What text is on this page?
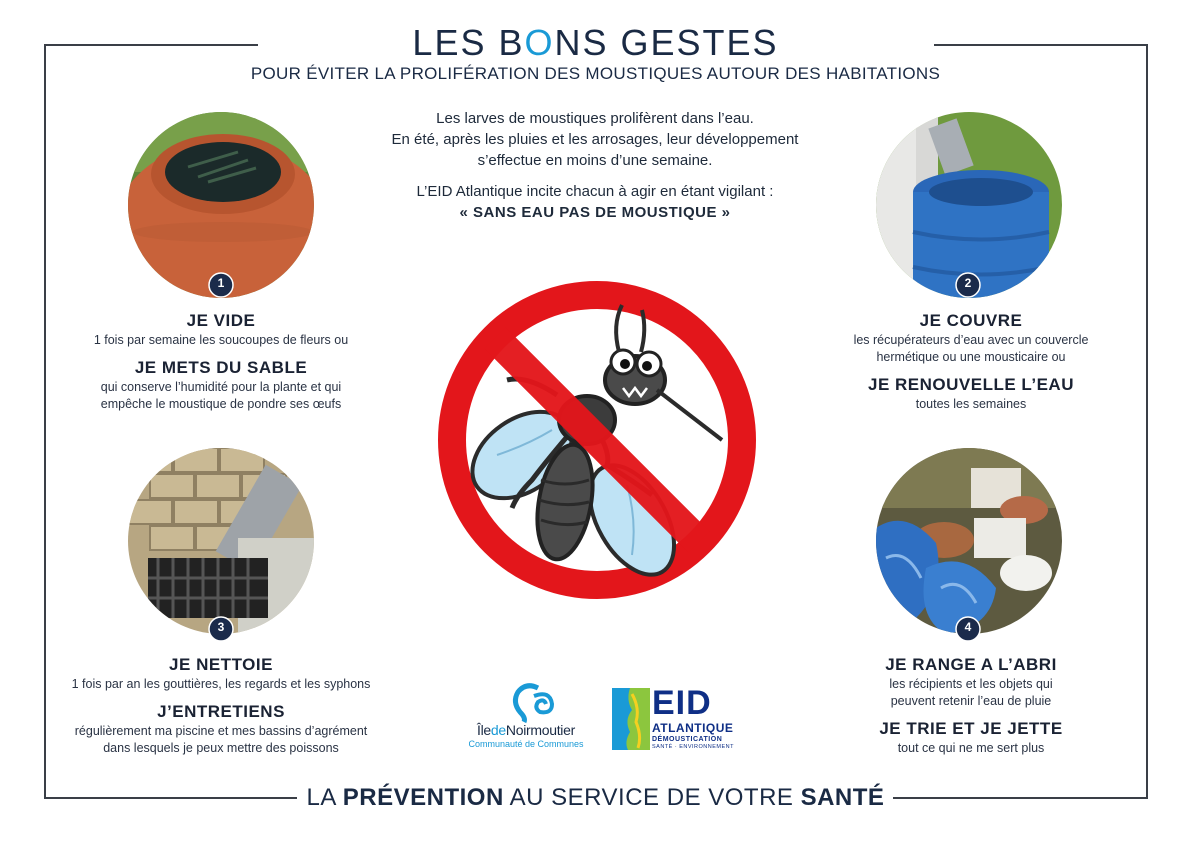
LES BONS GESTES
POUR ÉVITER LA PROLIFÉRATION DES MOUSTIQUES AUTOUR DES HABITATIONS

Les larves de moustiques prolifèrent dans l’eau.
En été, après les pluies et les arrosages, leur développement
s’effectue en moins d’une semaine.

L’EID Atlantique incite chacun à agir en étant vigilant :
« SANS EAU PAS DE MOUSTIQUE »

1
JE VIDE
1 fois par semaine les soucoupes de fleurs ou
JE METS DU SABLE
qui conserve l’humidité pour la plante et qui
empêche le moustique de pondre ses œufs
2
JE COUVRE
les récupérateurs d’eau avec un couvercle
hermétique ou une mousticaire ou
JE RENOUVELLE L’EAU
toutes les semaines
3
JE NETTOIE
1 fois par an les gouttières, les regards et les syphons
J’ENTRETIENS
régulièrement ma piscine et mes bassins d’agrément
dans lesquels je peux mettre des poissons
4
JE RANGE A L’ABRI
les récipients et les objets qui
peuvent retenir l’eau de pluie
JE TRIE ET JE JETTE
tout ce qui ne me sert plus
ÎledeNoirmoutier
Communauté de Communes
EID
ATLANTIQUE
DÉMOUSTICATION
SANTÉ · ENVIRONNEMENT
LA PRÉVENTION AU SERVICE DE VOTRE SANTÉ
